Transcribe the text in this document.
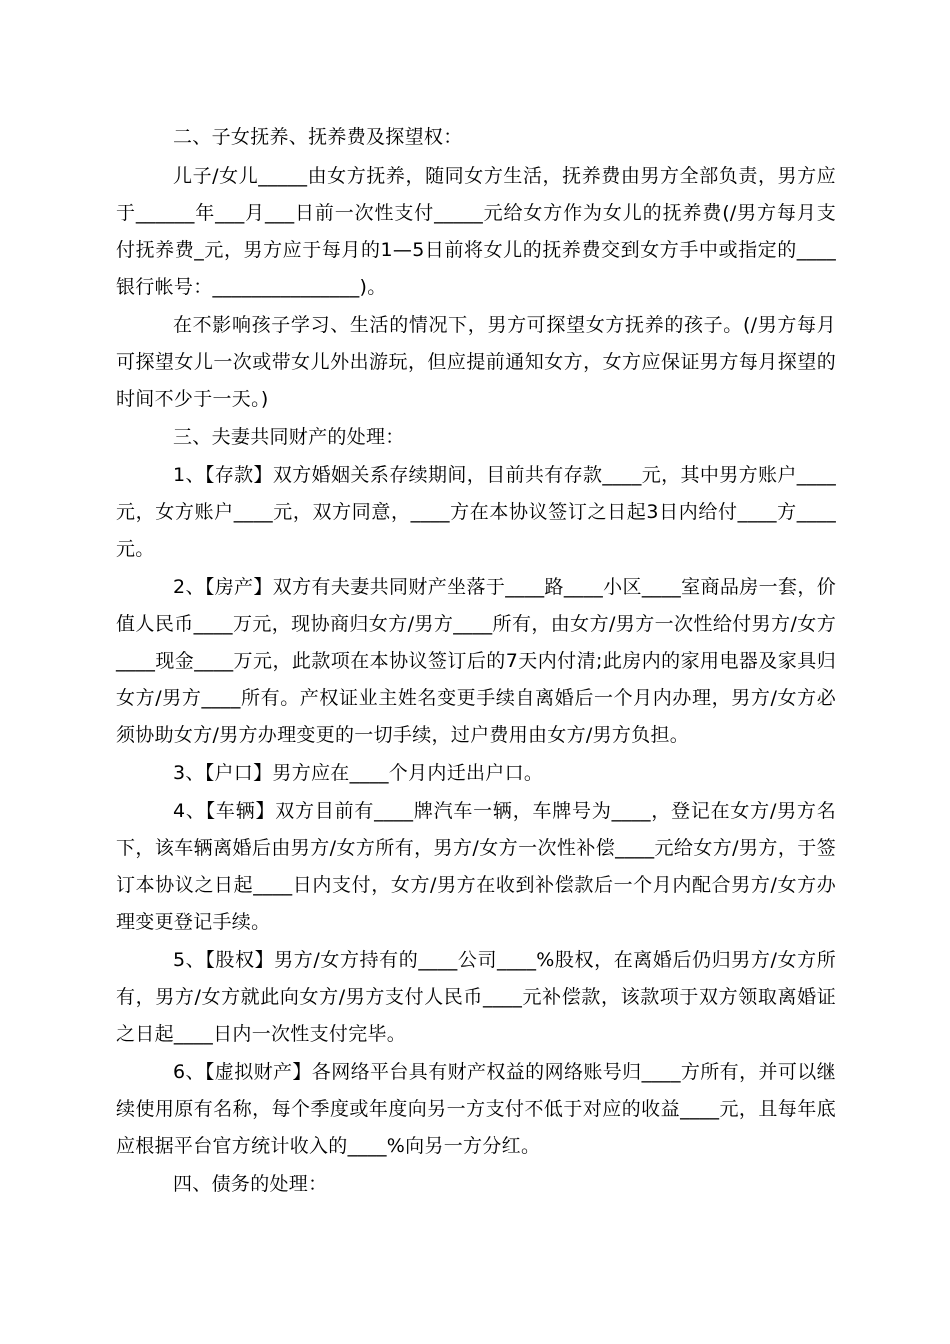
二、子女抚养、抚养费及探望权：

儿子/女儿_____由女方抚养，随同女方生活，抚养费由男方全部负责，男方应于______年___月___日前一次性支付_____元给女方作为女儿的抚养费(/男方每月支付抚养费_元，男方应于每月的1—5日前将女儿的抚养费交到女方手中或指定的____银行帐号：_______________)。

在不影响孩子学习、生活的情况下，男方可探望女方抚养的孩子。(/男方每月可探望女儿一次或带女儿外出游玩，但应提前通知女方，女方应保证男方每月探望的时间不少于一天。)

三、夫妻共同财产的处理：

1、【存款】双方婚姻关系存续期间，目前共有存款____元，其中男方账户____元，女方账户____元，双方同意，____方在本协议签订之日起3日内给付____方____元。

2、【房产】双方有夫妻共同财产坐落于____路____小区____室商品房一套，价值人民币____万元，现协商归女方/男方____所有，由女方/男方一次性给付男方/女方____现金____万元，此款项在本协议签订后的7天内付清;此房内的家用电器及家具归女方/男方____所有。产权证业主姓名变更手续自离婚后一个月内办理，男方/女方必须协助女方/男方办理变更的一切手续，过户费用由女方/男方负担。

3、【户口】男方应在____个月内迁出户口。

4、【车辆】双方目前有____牌汽车一辆，车牌号为____，登记在女方/男方名下，该车辆离婚后由男方/女方所有，男方/女方一次性补偿____元给女方/男方，于签订本协议之日起____日内支付，女方/男方在收到补偿款后一个月内配合男方/女方办理变更登记手续。

5、【股权】男方/女方持有的____公司____%股权，在离婚后仍归男方/女方所有，男方/女方就此向女方/男方支付人民币____元补偿款，该款项于双方领取离婚证之日起____日内一次性支付完毕。

6、【虚拟财产】各网络平台具有财产权益的网络账号归____方所有，并可以继续使用原有名称，每个季度或年度向另一方支付不低于对应的收益____元，且每年底应根据平台官方统计收入的____%向另一方分红。

四、债务的处理：
